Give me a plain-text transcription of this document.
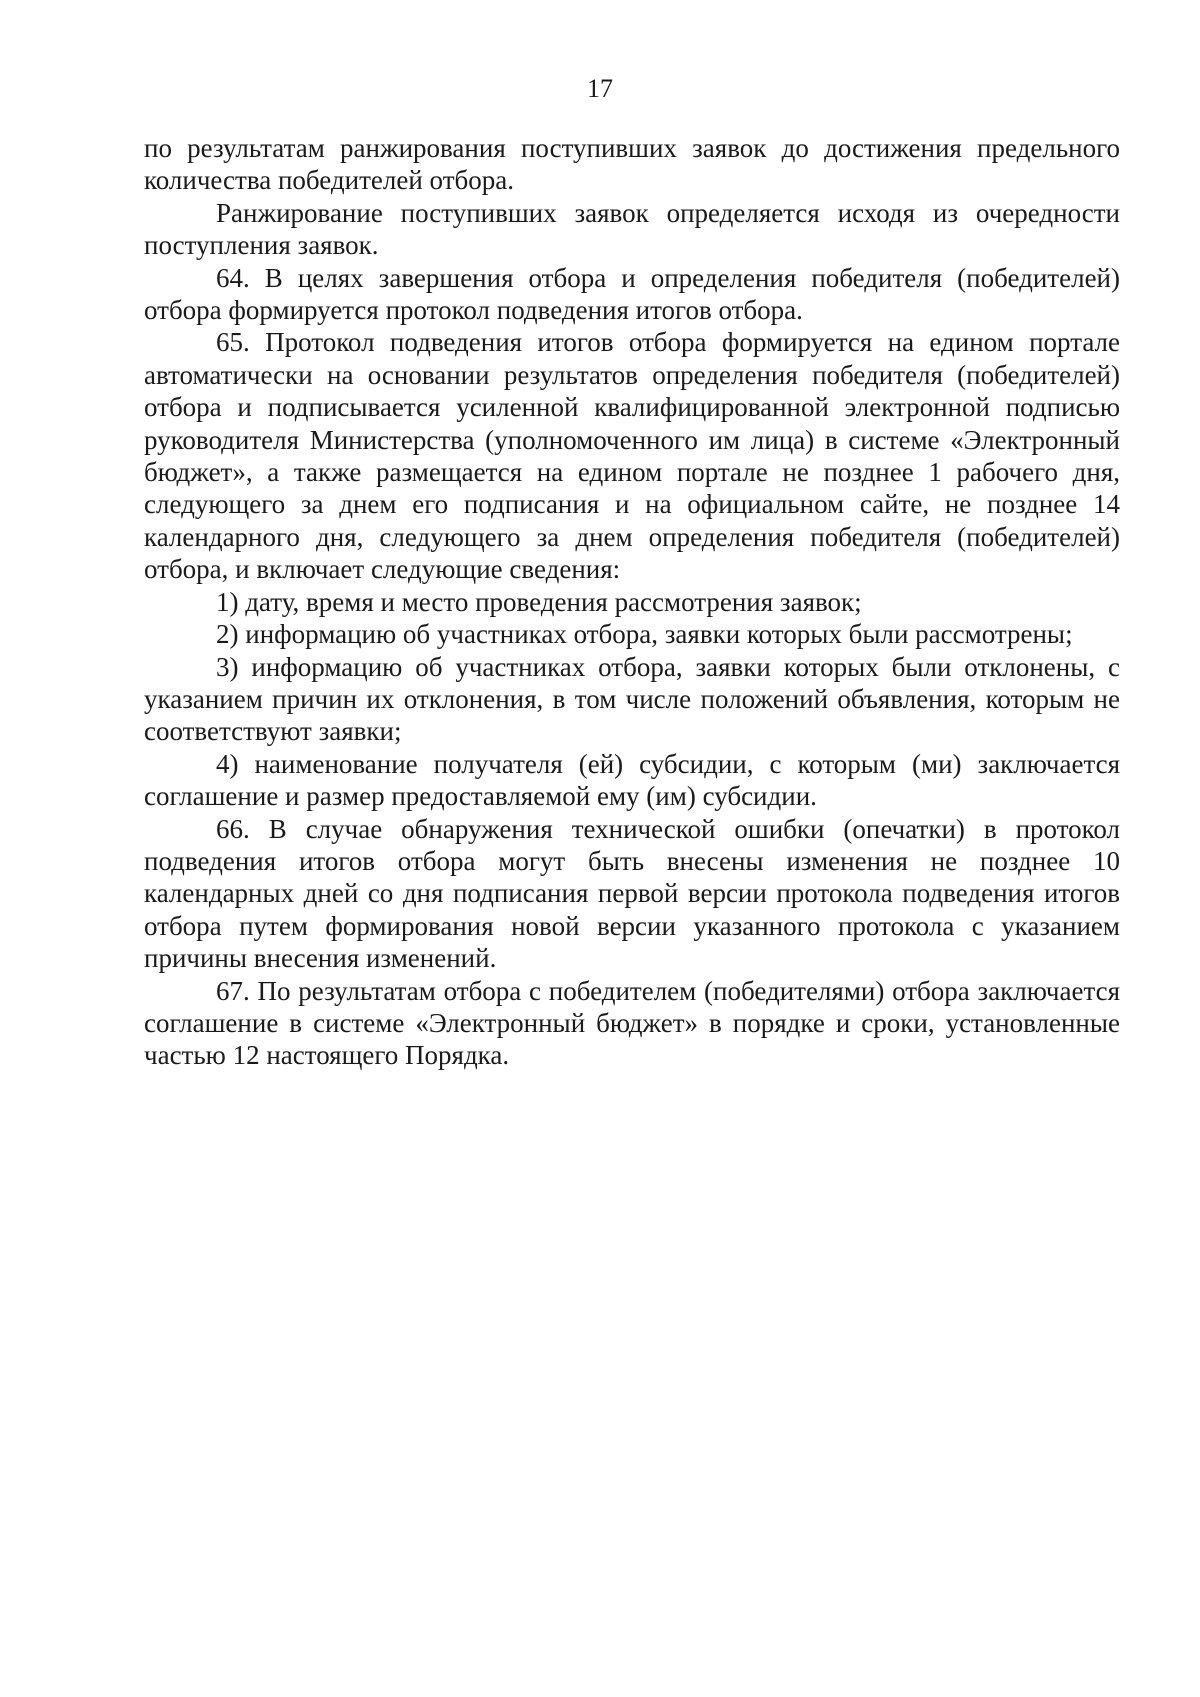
17

по результатам ранжирования поступивших заявок до достижения предельного количества победителей отбора.

Ранжирование поступивших заявок определяется исходя из очередности поступления заявок.

64. В целях завершения отбора и определения победителя (победителей) отбора формируется протокол подведения итогов отбора.

65. Протокол подведения итогов отбора формируется на едином портале автоматически на основании результатов определения победителя (победителей) отбора и подписывается усиленной квалифицированной электронной подписью руководителя Министерства (уполномоченного им лица) в системе «Электронный бюджет», а также размещается на едином портале не позднее 1 рабочего дня, следующего за днем его подписания и на официальном сайте, не позднее 14 календарного дня, следующего за днем определения победителя (победителей) отбора, и включает следующие сведения:

1) дату, время и место проведения рассмотрения заявок;

2) информацию об участниках отбора, заявки которых были рассмотрены;

3) информацию об участниках отбора, заявки которых были отклонены, с указанием причин их отклонения, в том числе положений объявления, которым не соответствуют заявки;

4) наименование получателя (ей) субсидии, с которым (ми) заключается соглашение и размер предоставляемой ему (им) субсидии.

66. В случае обнаружения технической ошибки (опечатки) в протокол подведения итогов отбора могут быть внесены изменения не позднее 10 календарных дней со дня подписания первой версии протокола подведения итогов отбора путем формирования новой версии указанного протокола с указанием причины внесения изменений.

67. По результатам отбора с победителем (победителями) отбора заключается соглашение в системе «Электронный бюджет» в порядке и сроки, установленные частью 12 настоящего Порядка.
